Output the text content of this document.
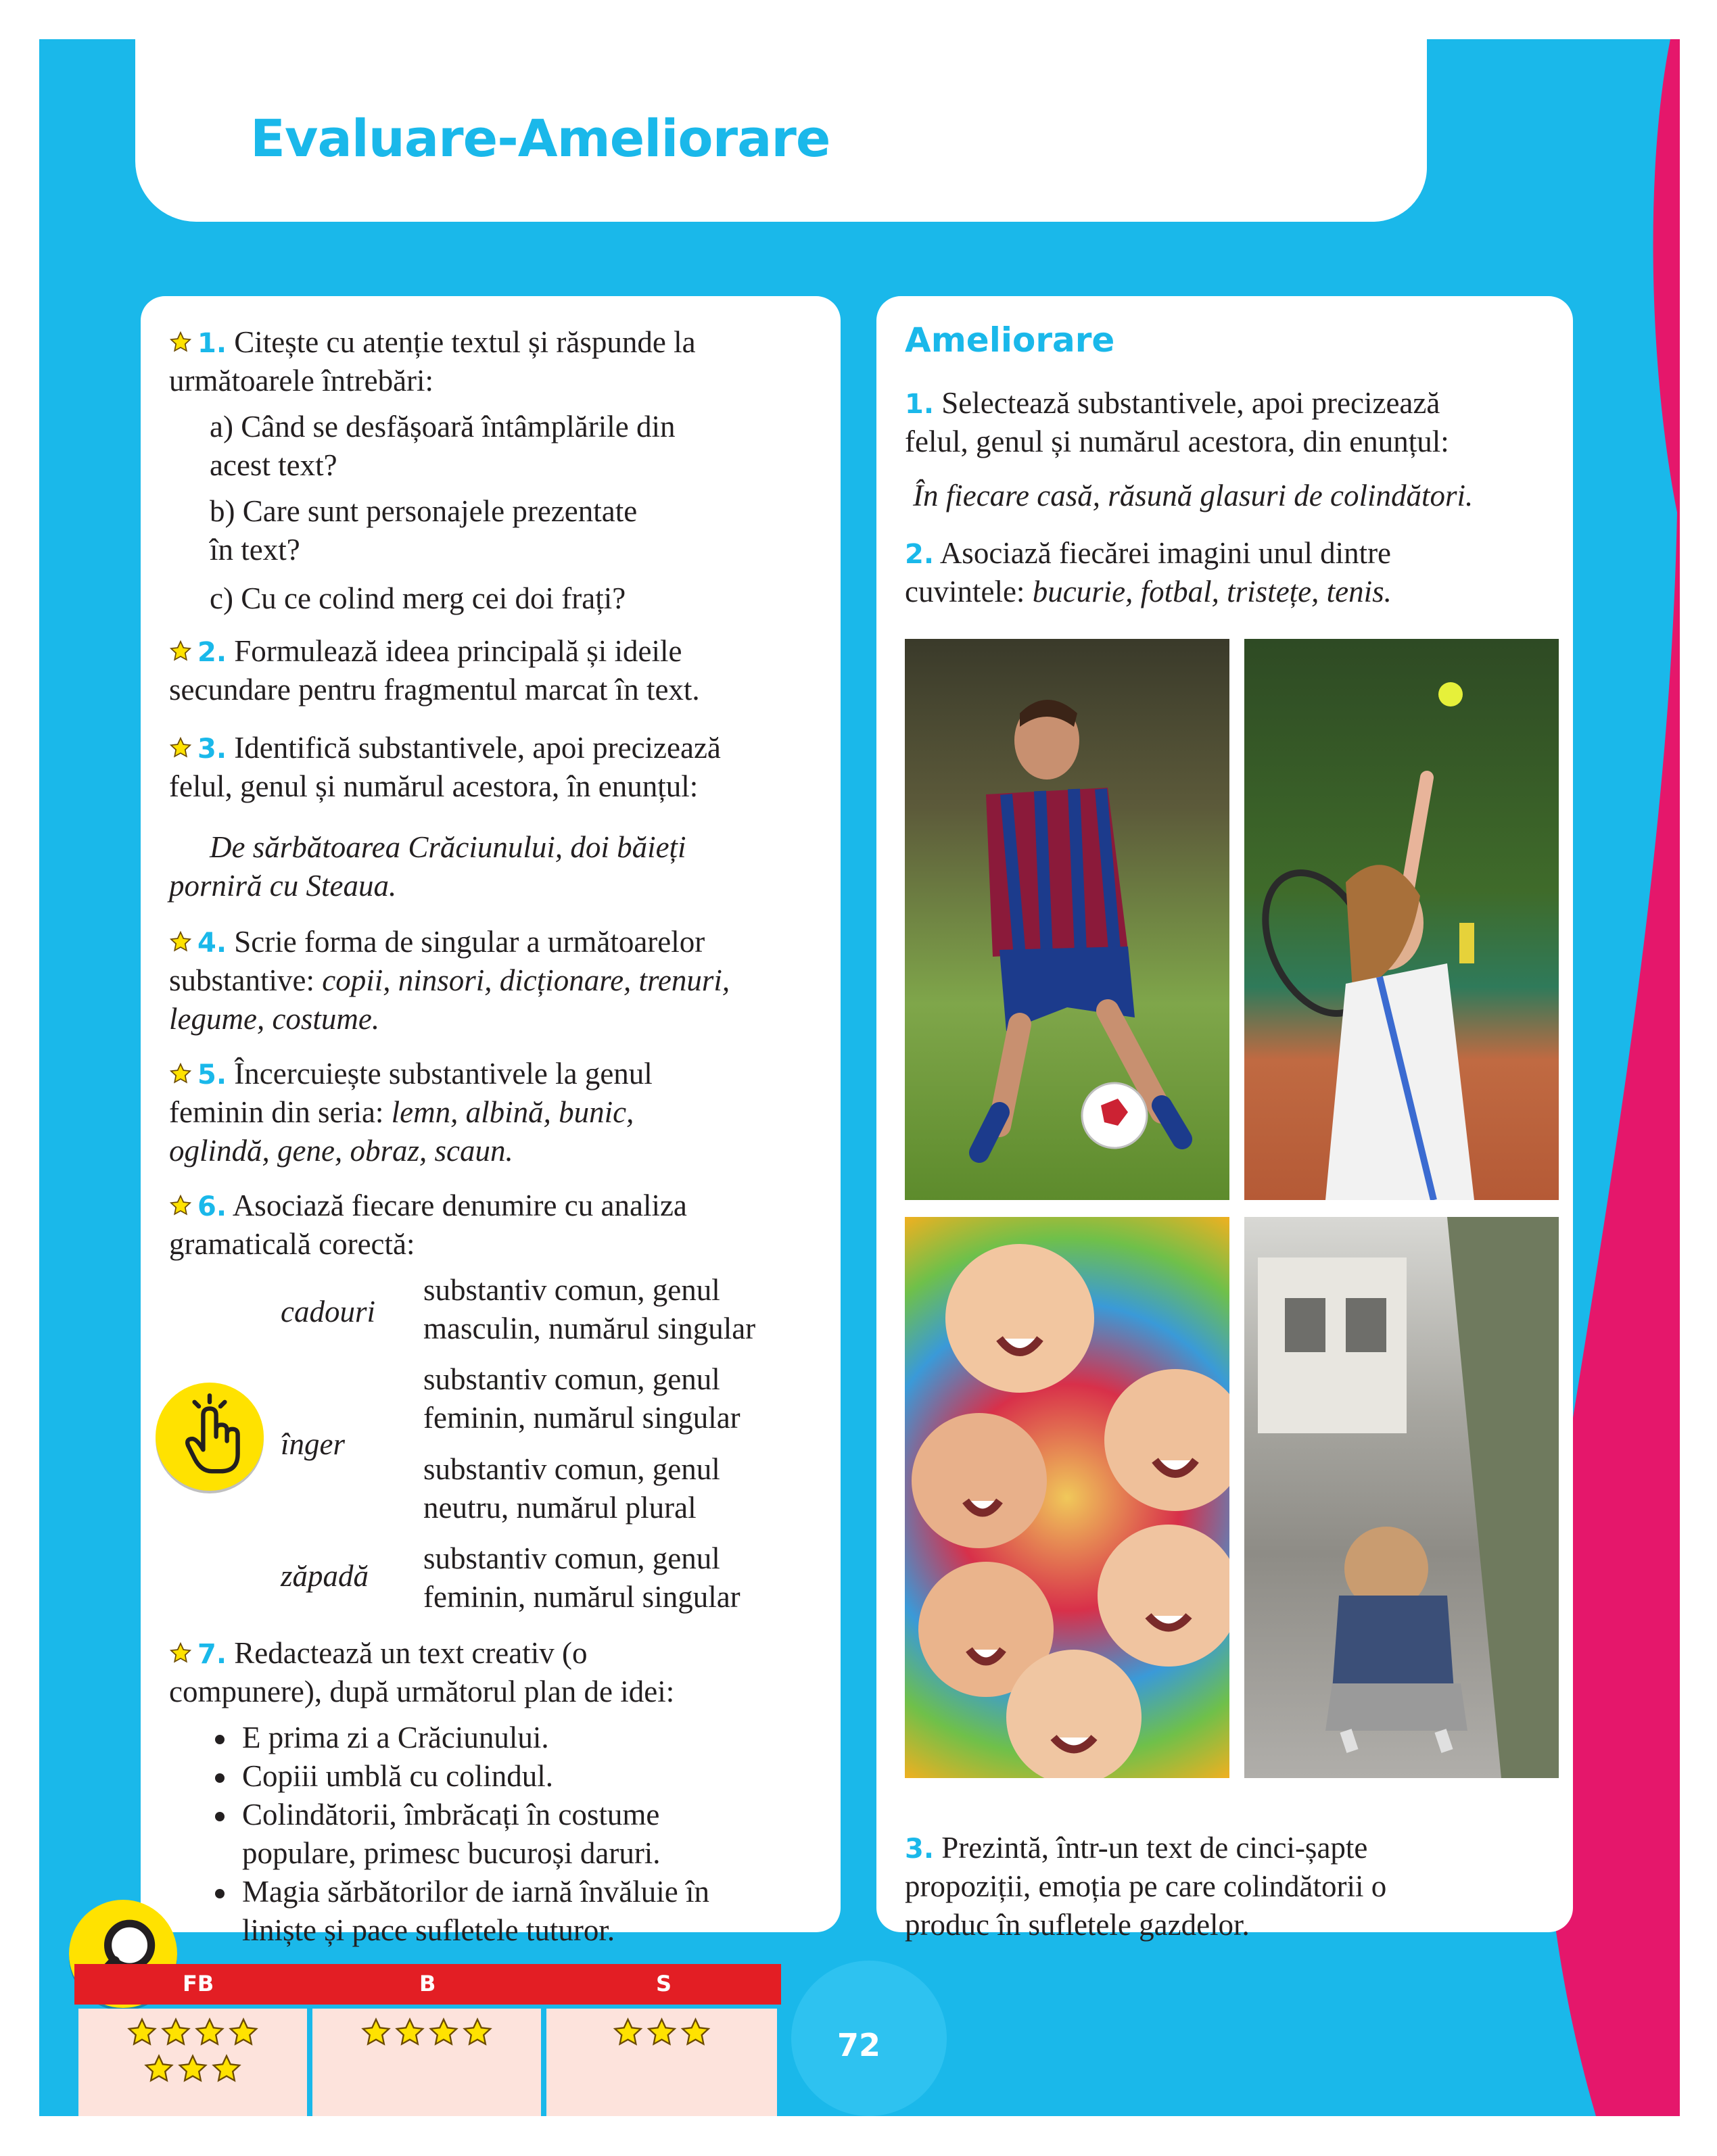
Evaluare-Ameliorare
1. Citește cu atenție textul și răspunde la
următoarele întrebări:
a) Când se desfășoară întâmplările din
acest text?
b) Care sunt personajele prezentate
în text?
c) Cu ce colind merg cei doi frați?
2. Formulează ideea principală și ideile
secundare pentru fragmentul marcat în text.
3. Identifică substantivele, apoi precizează
felul, genul și numărul acestora, în enunțul:
De sărbătoarea Crăciunului, doi băieți
porniră cu Steaua.
4. Scrie forma de singular a următoarelor
substantive: copii, ninsori, dicționare, trenuri,
legume, costume.
5. Încercuiește substantivele la genul
feminin din seria: lemn, albină, bunic,
oglindă, gene, obraz, scaun.
6. Asociază fiecare denumire cu analiza
gramaticală corectă:
cadouri
înger
zăpadă
substantiv comun, genul
masculin, numărul singular
substantiv comun, genul
feminin, numărul singular
substantiv comun, genul
neutru, numărul plural
substantiv comun, genul
feminin, numărul singular
7. Redactează un text creativ (o
compunere), după următorul plan de idei:
E prima zi a Crăciunului.
Copiii umblă cu colindul.
Colindătorii, îmbrăcați în costume
populare, primesc bucuroși daruri.
Magia sărbătorilor de iarnă învăluie în
liniște și pace sufletele tuturor.
FB	B	S
72
Ameliorare
1. Selectează substantivele, apoi precizează
felul, genul și numărul acestora, din enunțul:
În fiecare casă, răsună glasuri de colindători.
2. Asociază fiecărei imagini unul dintre
cuvintele: bucurie, fotbal, tristețe, tenis.
3. Prezintă, într-un text de cinci-șapte
propoziții, emoția pe care colindătorii o
produc în sufletele gazdelor.
